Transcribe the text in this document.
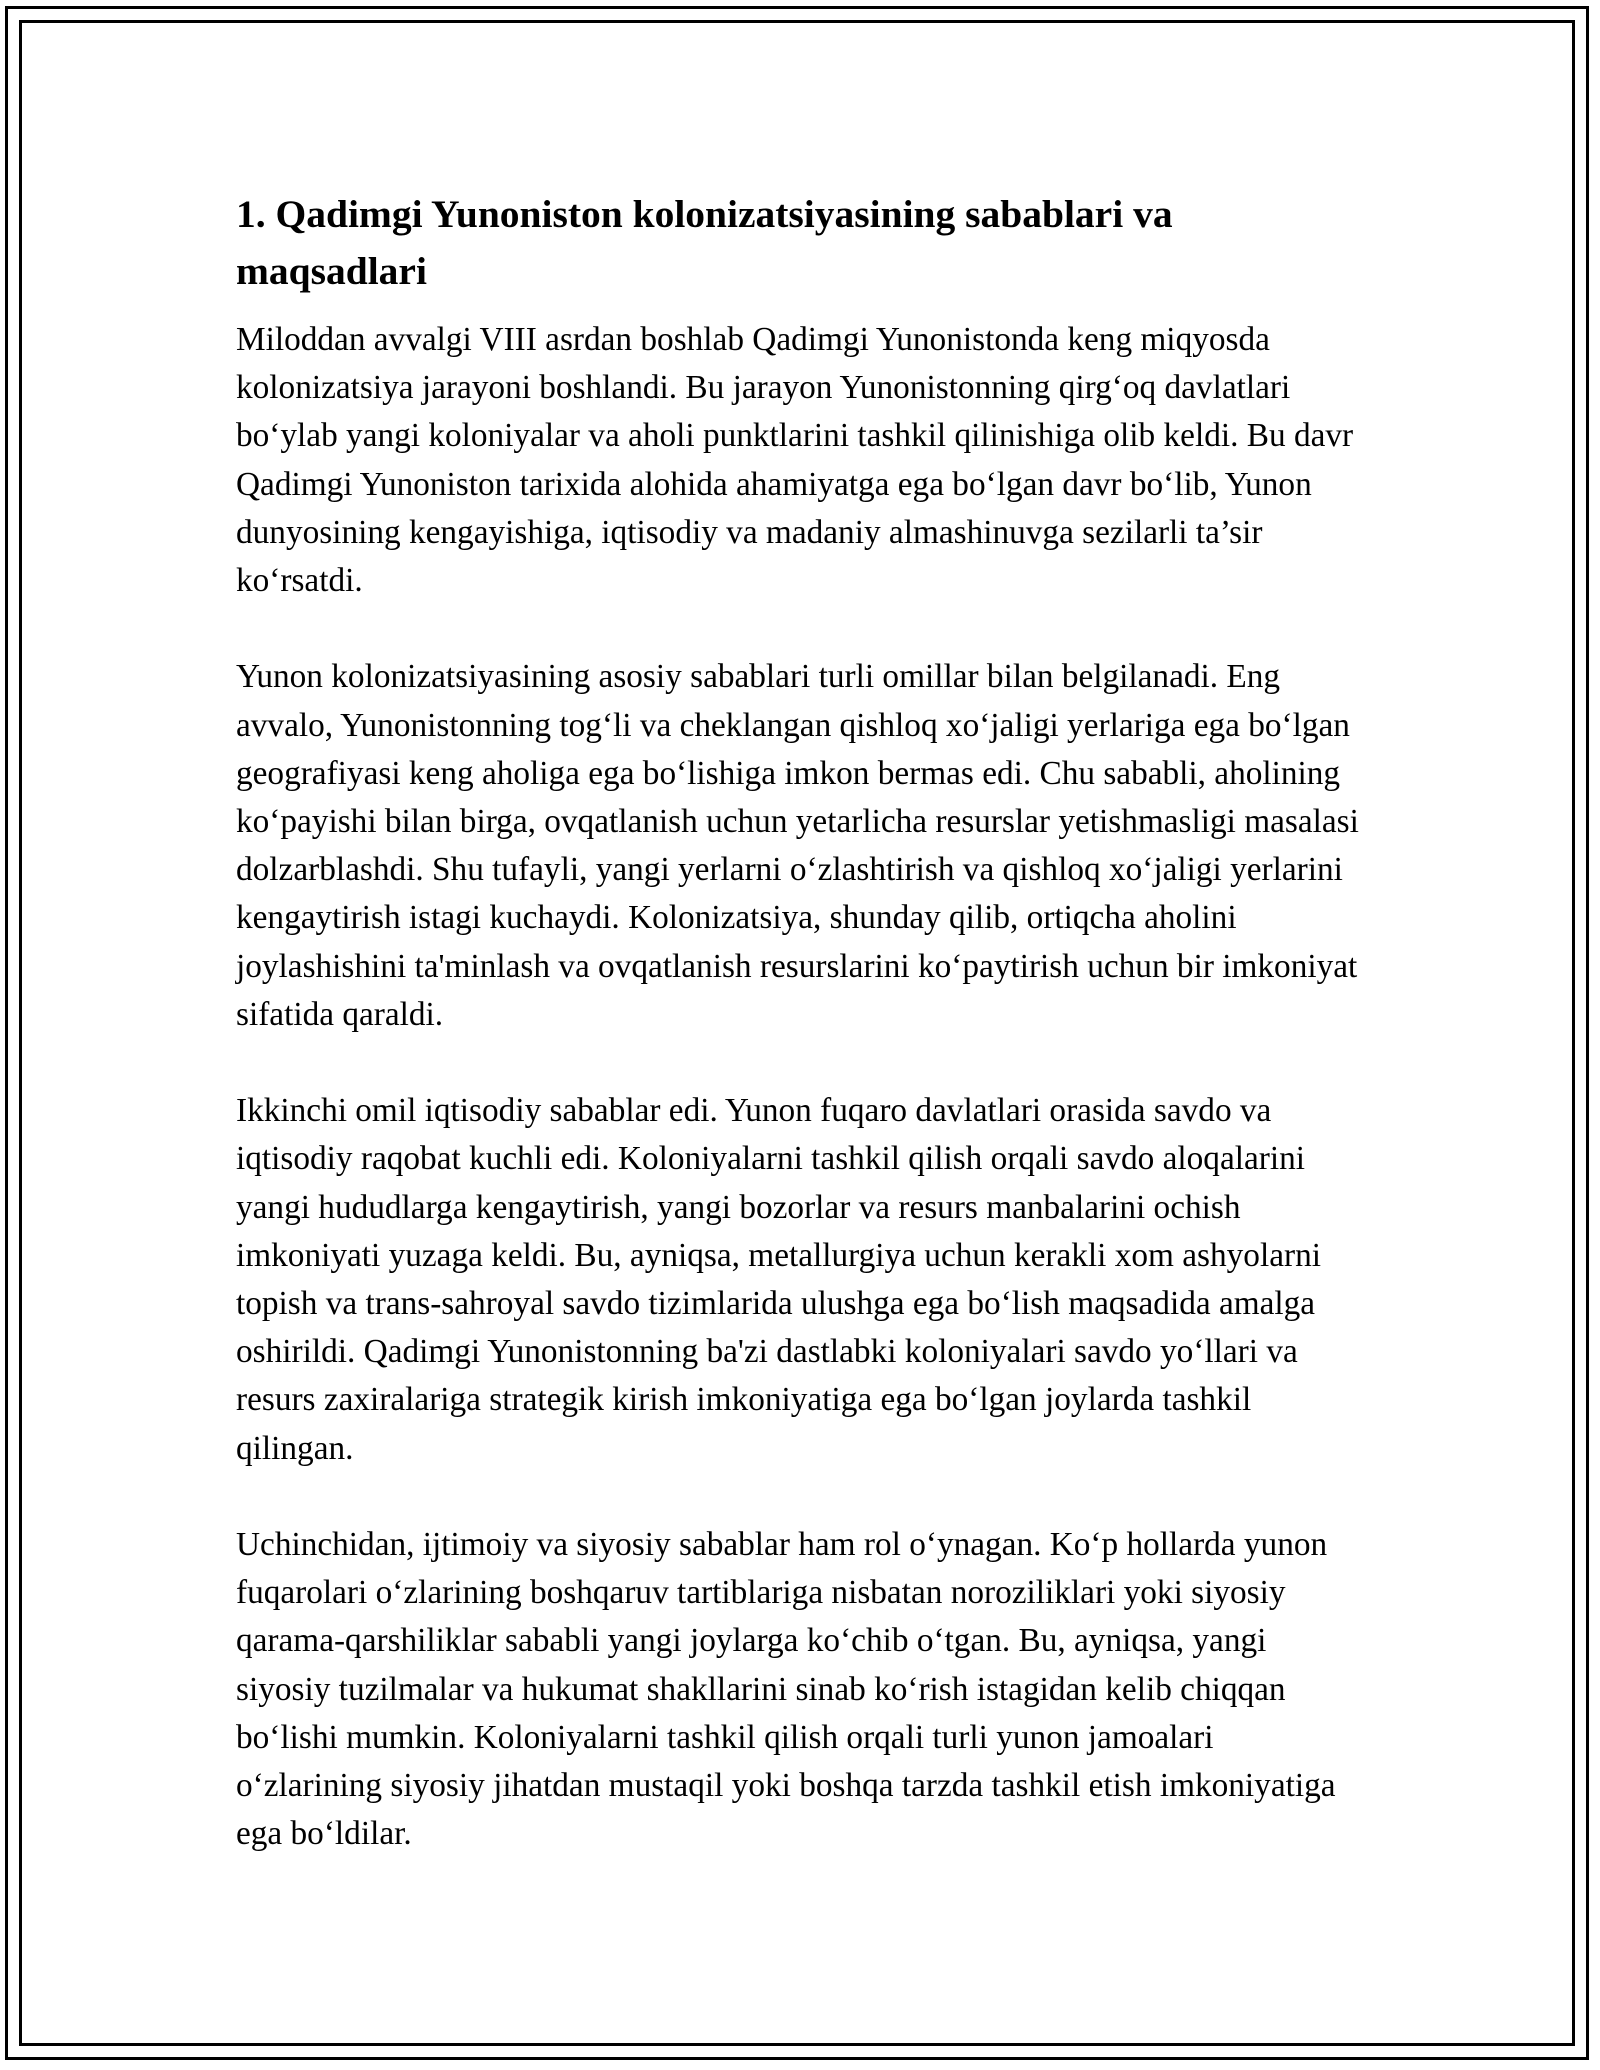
1. Qadimgi Yunoniston kolonizatsiyasining sabablari va maqsadlari

Miloddan avvalgi VIII asrdan boshlab Qadimgi Yunonistonda keng miqyosda kolonizatsiya jarayoni boshlandi. Bu jarayon Yunonistonning qirg‘oq davlatlari bo‘ylab yangi koloniyalar va aholi punktlarini tashkil qilinishiga olib keldi. Bu davr Qadimgi Yunoniston tarixida alohida ahamiyatga ega bo‘lgan davr bo‘lib, Yunon dunyosining kengayishiga, iqtisodiy va madaniy almashinuvga sezilarli ta’sir ko‘rsatdi.

Yunon kolonizatsiyasining asosiy sabablari turli omillar bilan belgilanadi. Eng avvalo, Yunonistonning tog‘li va cheklangan qishloq xo‘jaligi yerlariga ega bo‘lgan geografiyasi keng aholiga ega bo‘lishiga imkon bermas edi. Chu sababli, aholining ko‘payishi bilan birga, ovqatlanish uchun yetarlicha resurslar yetishmasligi masalasi dolzarblashdi. Shu tufayli, yangi yerlarni o‘zlashtirish va qishloq xo‘jaligi yerlarini kengaytirish istagi kuchaydi. Kolonizatsiya, shunday qilib, ortiqcha aholini joylashishini ta'minlash va ovqatlanish resurslarini ko‘paytirish uchun bir imkoniyat sifatida qaraldi.

Ikkinchi omil iqtisodiy sabablar edi. Yunon fuqaro davlatlari orasida savdo va iqtisodiy raqobat kuchli edi. Koloniyalarni tashkil qilish orqali savdo aloqalarini yangi hududlarga kengaytirish, yangi bozorlar va resurs manbalarini ochish imkoniyati yuzaga keldi. Bu, ayniqsa, metallurgiya uchun kerakli xom ashyolarni topish va trans-sahroyal savdo tizimlarida ulushga ega bo‘lish maqsadida amalga oshirildi. Qadimgi Yunonistonning ba'zi dastlabki koloniyalari savdo yo‘llari va resurs zaxiralariga strategik kirish imkoniyatiga ega bo‘lgan joylarda tashkil qilingan.

Uchinchidan, ijtimoiy va siyosiy sabablar ham rol o‘ynagan. Ko‘p hollarda yunon fuqarolari o‘zlarining boshqaruv tartiblariga nisbatan noroziliklari yoki siyosiy qarama-qarshiliklar sababli yangi joylarga ko‘chib o‘tgan. Bu, ayniqsa, yangi siyosiy tuzilmalar va hukumat shakllarini sinab ko‘rish istagidan kelib chiqqan bo‘lishi mumkin. Koloniyalarni tashkil qilish orqali turli yunon jamoalari o‘zlarining siyosiy jihatdan mustaqil yoki boshqa tarzda tashkil etish imkoniyatiga ega bo‘ldilar.
